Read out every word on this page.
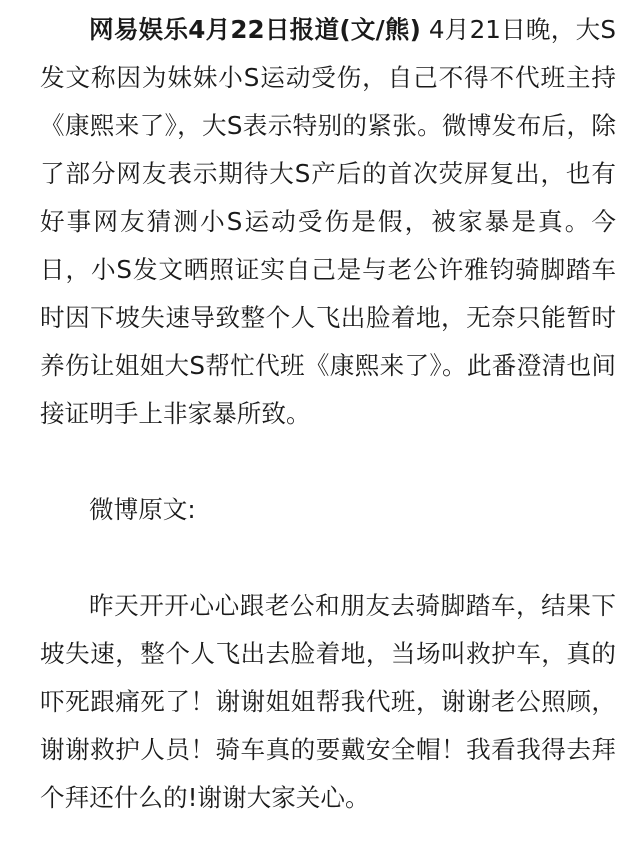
网易娱乐4月22日报道(文/熊) 4月21日晚，大S发文称因为妹妹小S运动受伤，自己不得不代班主持《康熙来了》，大S表示特别的紧张。微博发布后，除了部分网友表示期待大S产后的首次荧屏复出，也有好事网友猜测小S运动受伤是假，被家暴是真。今日，小S发文晒照证实自己是与老公许雅钧骑脚踏车时因下坡失速导致整个人飞出脸着地，无奈只能暂时养伤让姐姐大S帮忙代班《康熙来了》。此番澄清也间接证明手上非家暴所致。

微博原文:

昨天开开心心跟老公和朋友去骑脚踏车，结果下坡失速，整个人飞出去脸着地，当场叫救护车，真的吓死跟痛死了！谢谢姐姐帮我代班，谢谢老公照顾，谢谢救护人员！骑车真的要戴安全帽！我看我得去拜个拜还什么的!谢谢大家关心。
